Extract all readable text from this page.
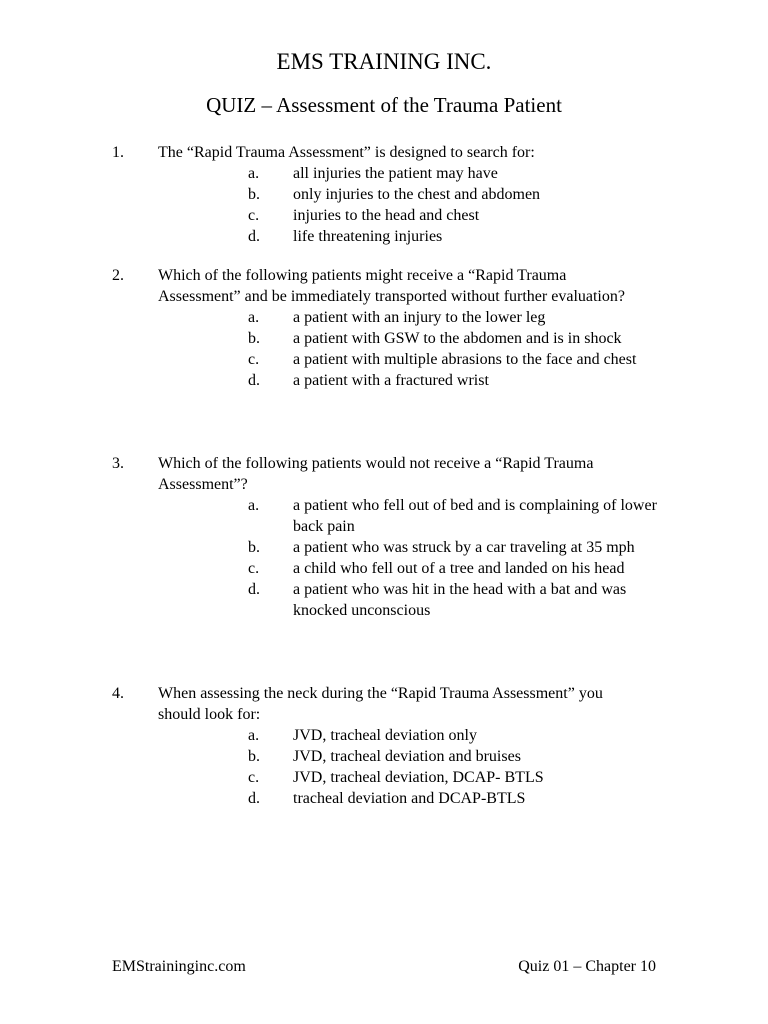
EMS TRAINING INC.
QUIZ – Assessment of the Trauma Patient
1. The “Rapid Trauma Assessment” is designed to search for:
a. all injuries the patient may have
b. only injuries to the chest and abdomen
c. injuries to the head and chest
d. life threatening injuries
2. Which of the following patients might receive a “Rapid Trauma Assessment” and be immediately transported without further evaluation?
a. a patient with an injury to the lower leg
b. a patient with GSW to the abdomen and is in shock
c. a patient with multiple abrasions to the face and chest
d. a patient with a fractured wrist
3. Which of the following patients would not receive a “Rapid Trauma Assessment”?
a. a patient who fell out of bed and is complaining of lower back pain
b. a patient who was struck by a car traveling at 35 mph
c. a child who fell out of a tree and landed on his head
d. a patient who was hit in the head with a bat and was knocked unconscious
4. When assessing the neck during the “Rapid Trauma Assessment” you should look for:
a. JVD, tracheal deviation only
b. JVD, tracheal deviation and bruises
c. JVD, tracheal deviation, DCAP- BTLS
d. tracheal deviation and DCAP-BTLS
EMStraininginc.com	Quiz 01 – Chapter 10
